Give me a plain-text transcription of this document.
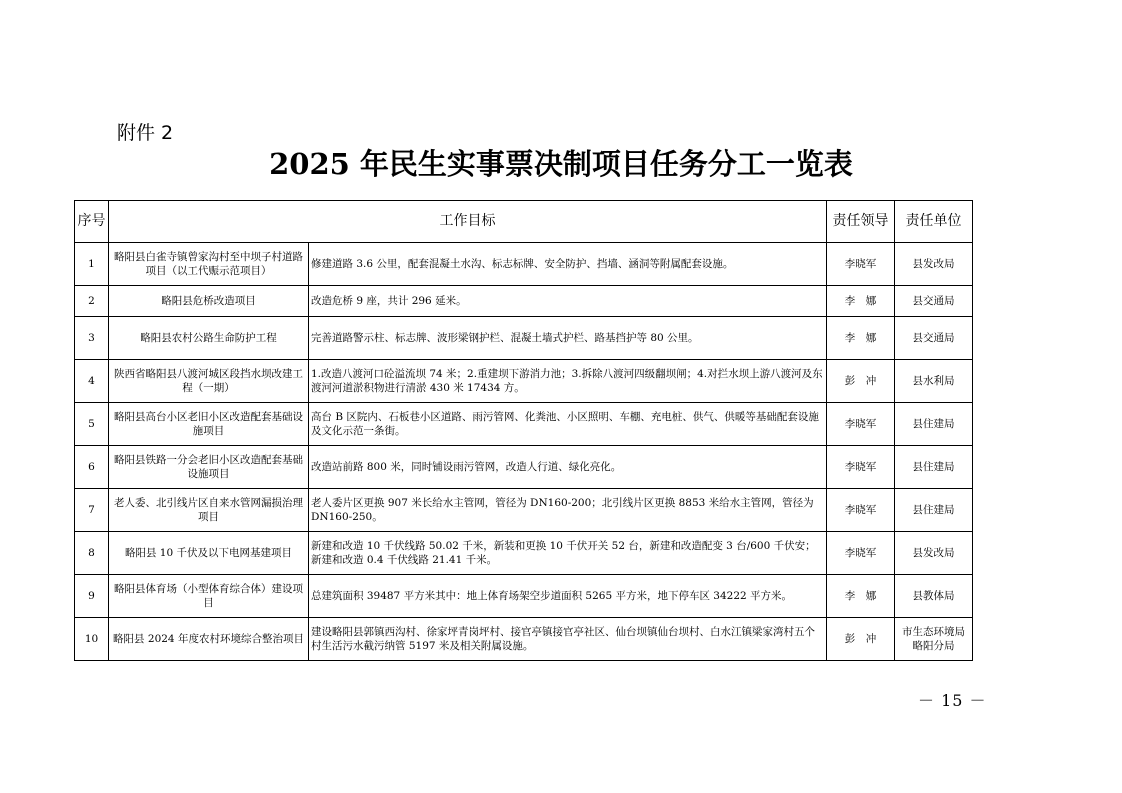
附件 2
2025 年民生实事票决制项目任务分工一览表
序号	工作目标		责任领导	责任单位
1	略阳县白雀寺镇曾家沟村至中坝子村道路项目（以工代赈示范项目）	修建道路 3.6 公里，配套混凝土水沟、标志标牌、安全防护、挡墙、涵洞等附属配套设施。	李晓军	县发改局
2	略阳县危桥改造项目	改造危桥 9 座，共计 296 延米。	李　娜	县交通局
3	略阳县农村公路生命防护工程	完善道路警示柱、标志牌、波形梁钢护栏、混凝土墙式护栏、路基挡护等 80 公里。	李　娜	县交通局
4	陕西省略阳县八渡河城区段挡水坝改建工程（一期）	1.改造八渡河口砼溢流坝 74 米；2.重建坝下游消力池；3.拆除八渡河四级翻坝闸；4.对拦水坝上游八渡河及东渡河河道淤积物进行清淤 430 米 17434 方。	彭　冲	县水利局
5	略阳县高台小区老旧小区改造配套基础设施项目	高台 B 区院内、石板巷小区道路、雨污管网、化粪池、小区照明、车棚、充电桩、供气、供暖等基础配套设施及文化示范一条街。	李晓军	县住建局
6	略阳县铁路一分会老旧小区改造配套基础设施项目	改造站前路 800 米，同时铺设雨污管网，改造人行道、绿化亮化。	李晓军	县住建局
7	老人委、北引线片区自来水管网漏损治理项目	老人委片区更换 907 米长给水主管网，管径为 DN160-200；北引线片区更换 8853 米给水主管网，管径为 DN160-250。	李晓军	县住建局
8	略阳县 10 千伏及以下电网基建项目	新建和改造 10 千伏线路 50.02 千米，新装和更换 10 千伏开关 52 台，新建和改造配变 3 台/600 千伏安；新建和改造 0.4 千伏线路 21.41 千米。	李晓军	县发改局
9	略阳县体育场（小型体育综合体）建设项目	总建筑面积 39487 平方米其中：地上体育场架空步道面积 5265 平方米，地下停车区 34222 平方米。	李　娜	县教体局
10	略阳县 2024 年度农村环境综合整治项目	建设略阳县郭镇西沟村、徐家坪青岗坪村、接官亭镇接官亭社区、仙台坝镇仙台坝村、白水江镇梁家湾村五个村生活污水截污纳管 5197 米及相关附属设施。	彭　冲	市生态环境局略阳分局
－ 15 －
